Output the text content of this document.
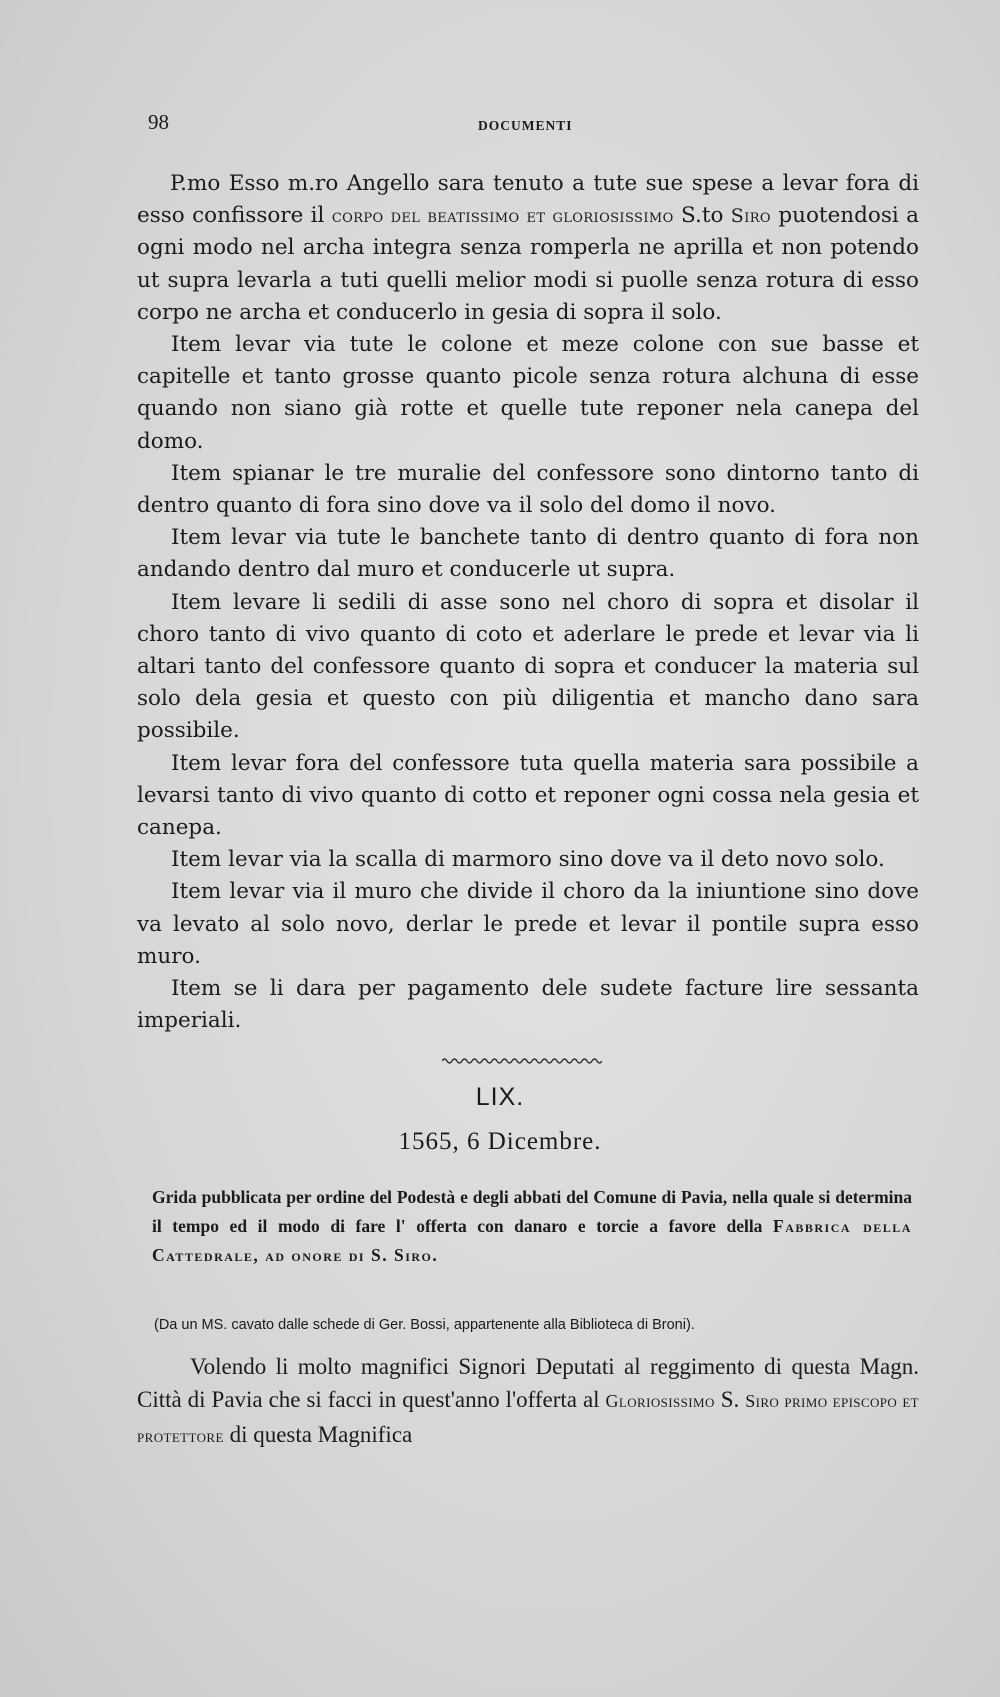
98	DOCUMENTI

P.mo Esso m.ro Angello sara tenuto a tute sue spese a levar fora di esso confissore il corpo del beatissimo et gloriosissimo S.to Siro puotendosi a ogni modo nel archa integra senza romperla ne aprilla et non potendo ut supra levarla a tuti quelli melior modi si puolle senza rotura di esso corpo ne archa et conducerlo in gesia di sopra il solo.

Item levar via tute le colone et meze colone con sue basse et capitelle et tanto grosse quanto picole senza rotura alchuna di esse quando non siano già rotte et quelle tute reponer nela canepa del domo.

Item spianar le tre muralie del confessore sono dintorno tanto di dentro quanto di fora sino dove va il solo del domo il novo.

Item levar via tute le banchete tanto di dentro quanto di fora non andando dentro dal muro et conducerle ut supra.

Item levare li sedili di asse sono nel choro di sopra et disolar il choro tanto di vivo quanto di coto et aderlare le prede et levar via li altari tanto del confessore quanto di sopra et conducer la materia sul solo dela gesia et questo con più diligentia et mancho dano sara possibile.

Item levar fora del confessore tuta quella materia sara possibile a levarsi tanto di vivo quanto di cotto et reponer ogni cossa nela gesia et canepa.

Item levar via la scalla di marmoro sino dove va il deto novo solo.

Item levar via il muro che divide il choro da la iniuntione sino dove va levato al solo novo, derlar le prede et levar il pontile supra esso muro.

Item se li dara per pagamento dele sudete facture lire sessanta imperiali.

LIX.
1565, 6 Dicembre.
Grida pubblicata per ordine del Podestà e degli abbati del Comune di Pavia, nella quale si determina il tempo ed il modo di fare l' offerta con danaro e torcie a favore della Fabbrica della Cattedrale, ad onore di S. Siro.
(Da un MS. cavato dalle schede di Ger. Bossi, appartenente alla Biblioteca di Broni).

Volendo li molto magnifici Signori Deputati al reggimento di questa Magn. Città di Pavia che si facci in quest'anno l'offerta al Gloriosissimo S. Siro primo episcopo et protettore di questa Magnifica
